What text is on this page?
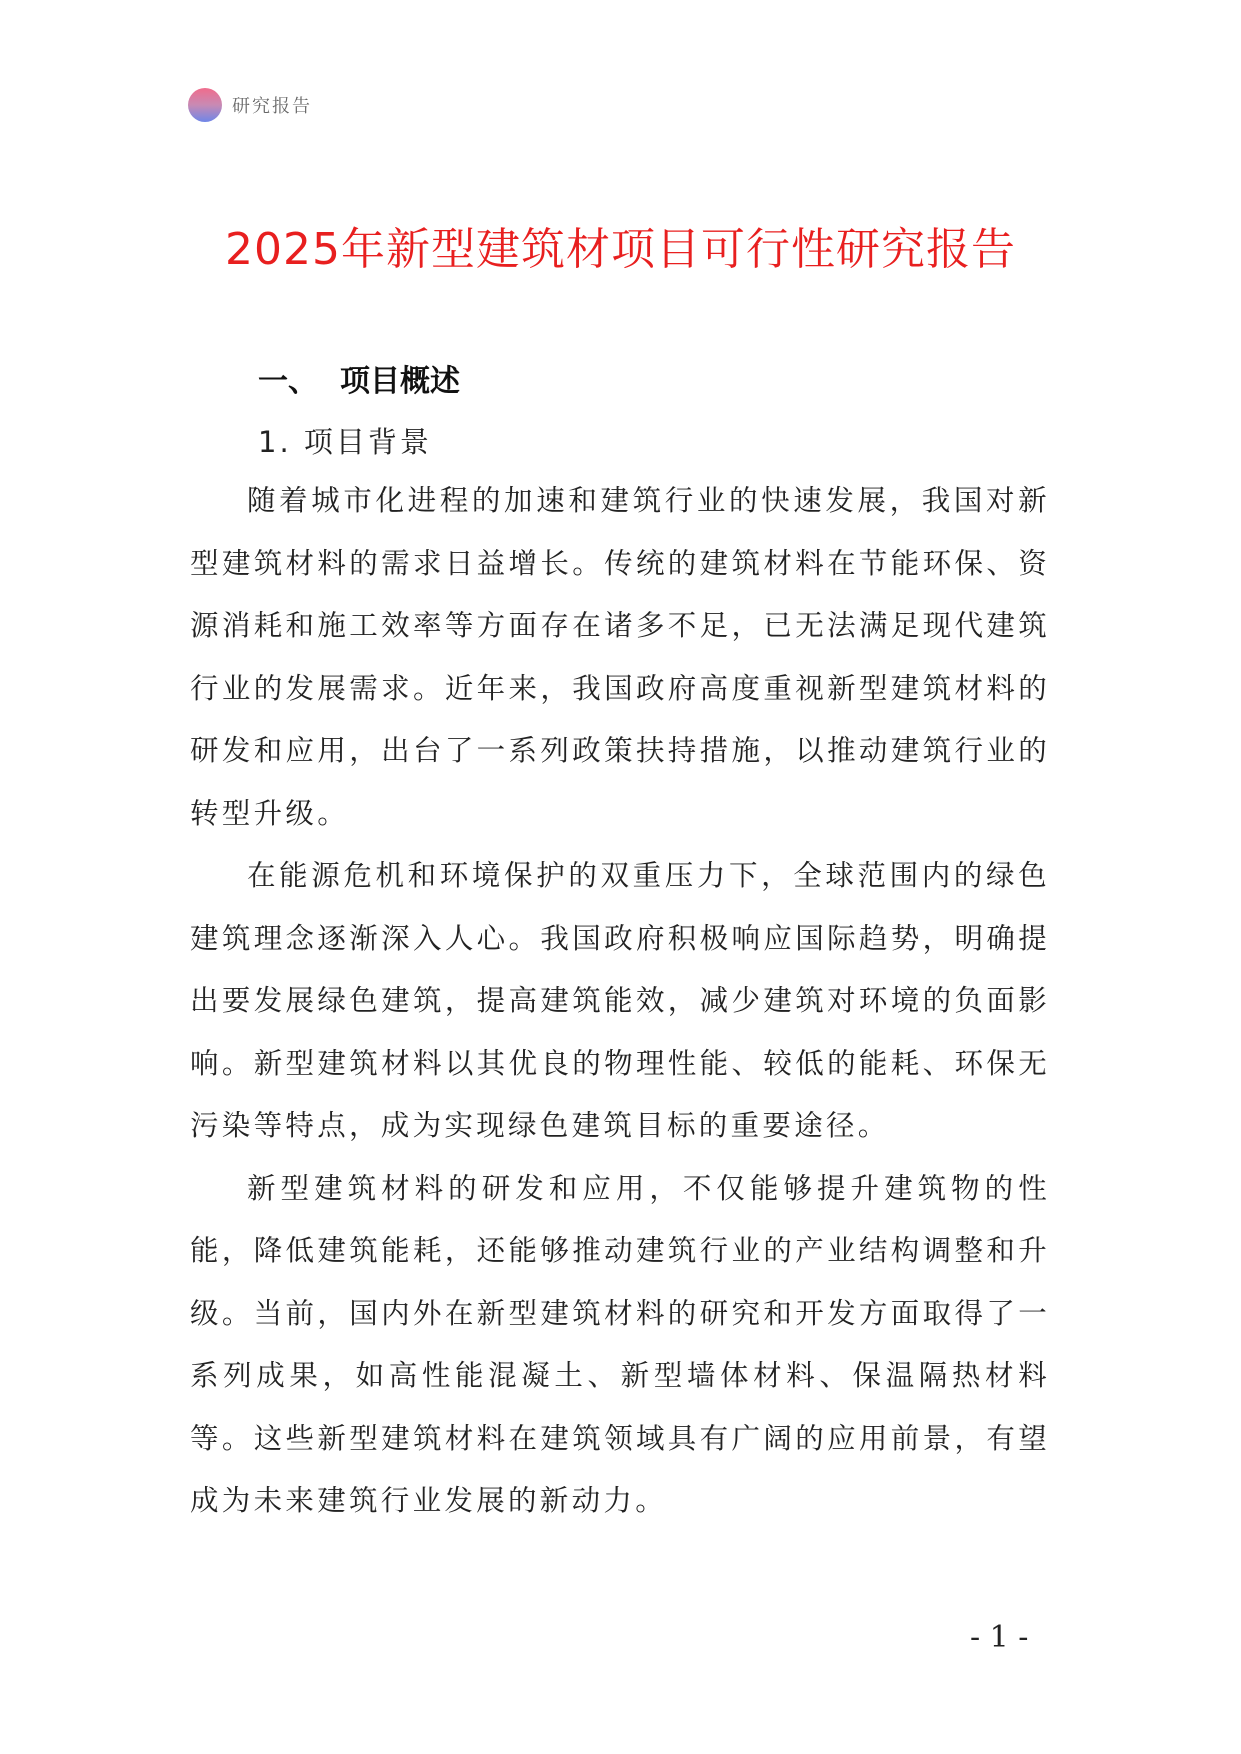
研究报告
2025年新型建筑材项目可行性研究报告
一、 项目概述
1. 项目背景

随着城市化进程的加速和建筑行业的快速发展，我国对新型建筑材料的需求日益增长。传统的建筑材料在节能环保、资源消耗和施工效率等方面存在诸多不足，已无法满足现代建筑行业的发展需求。近年来，我国政府高度重视新型建筑材料的研发和应用，出台了一系列政策扶持措施，以推动建筑行业的转型升级。

在能源危机和环境保护的双重压力下，全球范围内的绿色建筑理念逐渐深入人心。我国政府积极响应国际趋势，明确提出要发展绿色建筑，提高建筑能效，减少建筑对环境的负面影响。新型建筑材料以其优良的物理性能、较低的能耗、环保无污染等特点，成为实现绿色建筑目标的重要途径。

新型建筑材料的研发和应用，不仅能够提升建筑物的性能，降低建筑能耗，还能够推动建筑行业的产业结构调整和升级。当前，国内外在新型建筑材料的研究和开发方面取得了一系列成果，如高性能混凝土、新型墙体材料、保温隔热材料等。这些新型建筑材料在建筑领域具有广阔的应用前景，有望成为未来建筑行业发展的新动力。

- 1 -
